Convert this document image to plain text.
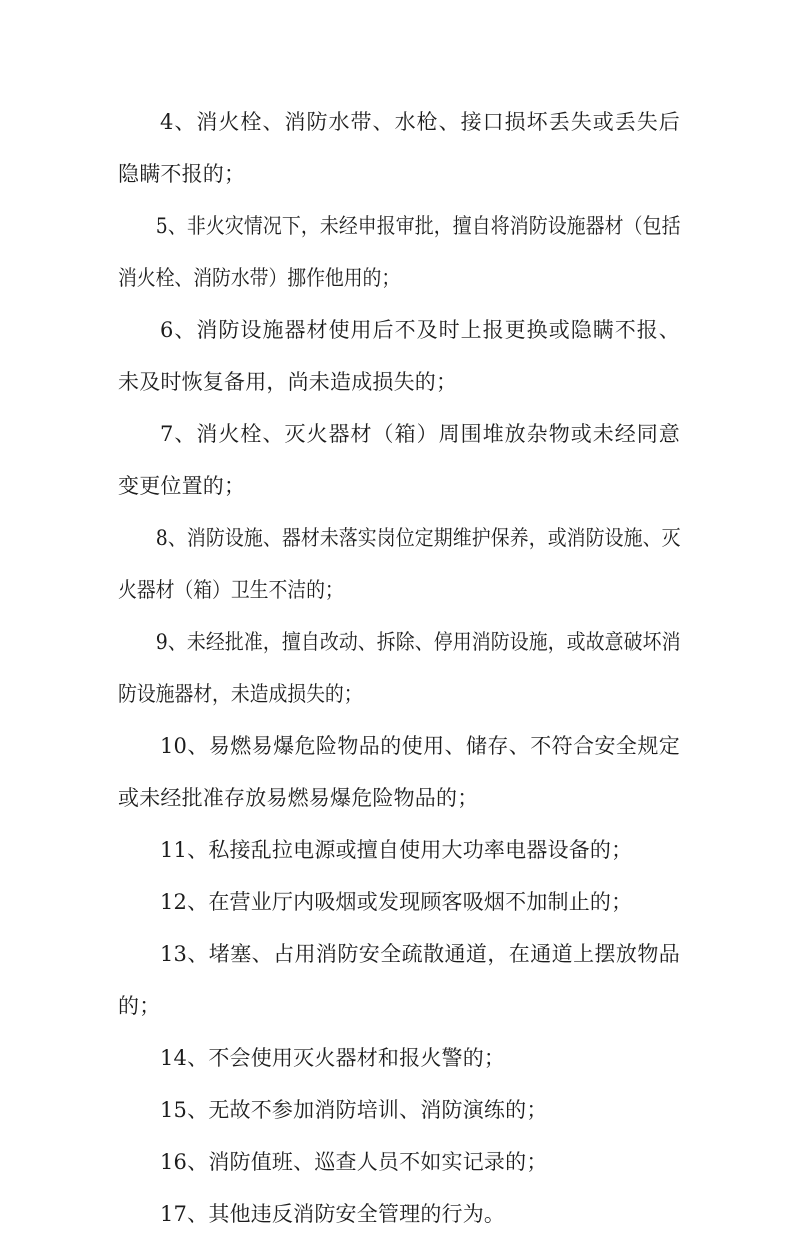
4、消火栓、消防水带、水枪、接口损坏丢失或丢失后隐瞒不报的；

5、非火灾情况下，未经申报审批，擅自将消防设施器材（包括消火栓、消防水带）挪作他用的；

6、消防设施器材使用后不及时上报更换或隐瞒不报、未及时恢复备用，尚未造成损失的；

7、消火栓、灭火器材（箱）周围堆放杂物或未经同意变更位置的；

8、消防设施、器材未落实岗位定期维护保养，或消防设施、灭火器材（箱）卫生不洁的；

9、未经批准，擅自改动、拆除、停用消防设施，或故意破坏消防设施器材，未造成损失的；

10、易燃易爆危险物品的使用、储存、不符合安全规定或未经批准存放易燃易爆危险物品的；

11、私接乱拉电源或擅自使用大功率电器设备的；

12、在营业厅内吸烟或发现顾客吸烟不加制止的；

13、堵塞、占用消防安全疏散通道，在通道上摆放物品的；

14、不会使用灭火器材和报火警的；

15、无故不参加消防培训、消防演练的；

16、消防值班、巡查人员不如实记录的；

17、其他违反消防安全管理的行为。
